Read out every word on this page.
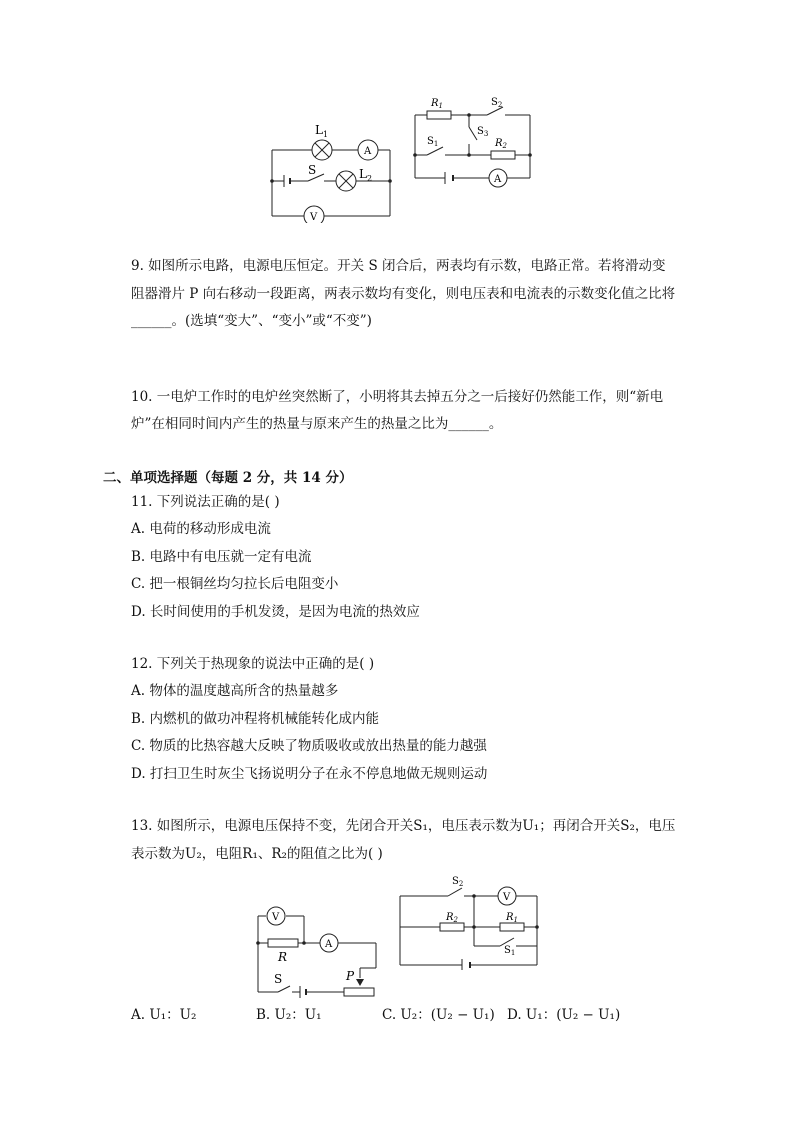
$L_1$
A
S	$L_2$
V
$R_1$	$S_2$
$S_3$
$S_1$	$R_2$
A
9. 如图所示电路，电源电压恒定。开关 S 闭合后，两表均有示数，电路正常。若将滑动变
阻器滑片 P 向右移动一段距离，两表示数均有变化，则电压表和电流表的示数变化值之比将
______。(选填“变大”、“变小”或“不变”)
10. 一电炉工作时的电炉丝突然断了，小明将其去掉五分之一后接好仍然能工作，则“新电
炉”在相同时间内产生的热量与原来产生的热量之比为______。
二、单项选择题（每题 2 分，共 14 分）
11. 下列说法正确的是( )
A. 电荷的移动形成电流
B. 电路中有电压就一定有电流
C. 把一根铜丝均匀拉长后电阻变小
D. 长时间使用的手机发烫，是因为电流的热效应
12. 下列关于热现象的说法中正确的是( )
A. 物体的温度越高所含的热量越多
B. 内燃机的做功冲程将机械能转化成内能
C. 物质的比热容越大反映了物质吸收或放出热量的能力越强
D. 打扫卫生时灰尘飞扬说明分子在永不停息地做无规则运动
13. 如图所示，电源电压保持不变，先闭合开关S₁，电压表示数为U₁；再闭合开关S₂，电压
表示数为U₂，电阻R₁、R₂的阻值之比为( )
V
R
A
S	P
$S_2$
V
$R_2$	$R_1$
$S_1$
A. U₁：U₂	B. U₂：U₁	C. U₂：(U₂ − U₁) D. U₁：(U₂ − U₁)
